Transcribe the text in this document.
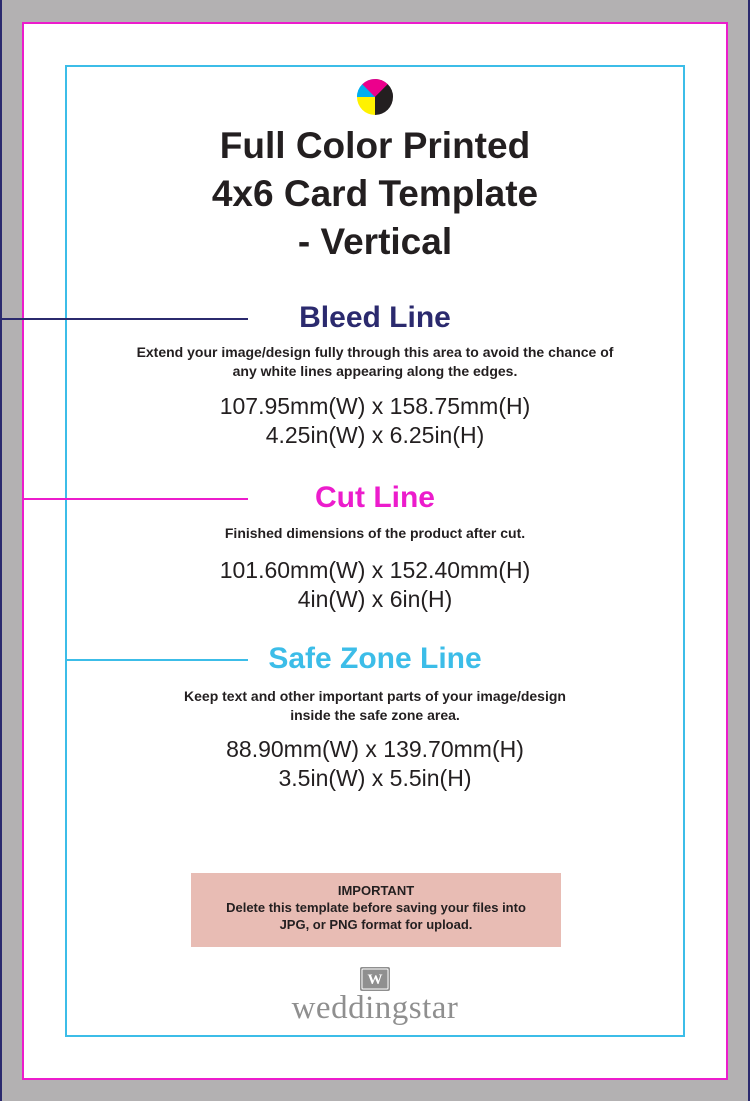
Full Color Printed
4x6 Card Template
- Vertical
Bleed Line
Extend your image/design fully through this area to avoid the chance of
any white lines appearing along the edges.
107.95mm(W) x 158.75mm(H)
4.25in(W) x 6.25in(H)
Cut Line
Finished dimensions of the product after cut.
101.60mm(W) x 152.40mm(H)
4in(W) x 6in(H)
Safe Zone Line
Keep text and other important parts of your image/design
inside the safe zone area.
88.90mm(W) x 139.70mm(H)
3.5in(W) x 5.5in(H)
IMPORTANT
Delete this template before saving your files into
JPG, or PNG format for upload.
W
weddingstar
